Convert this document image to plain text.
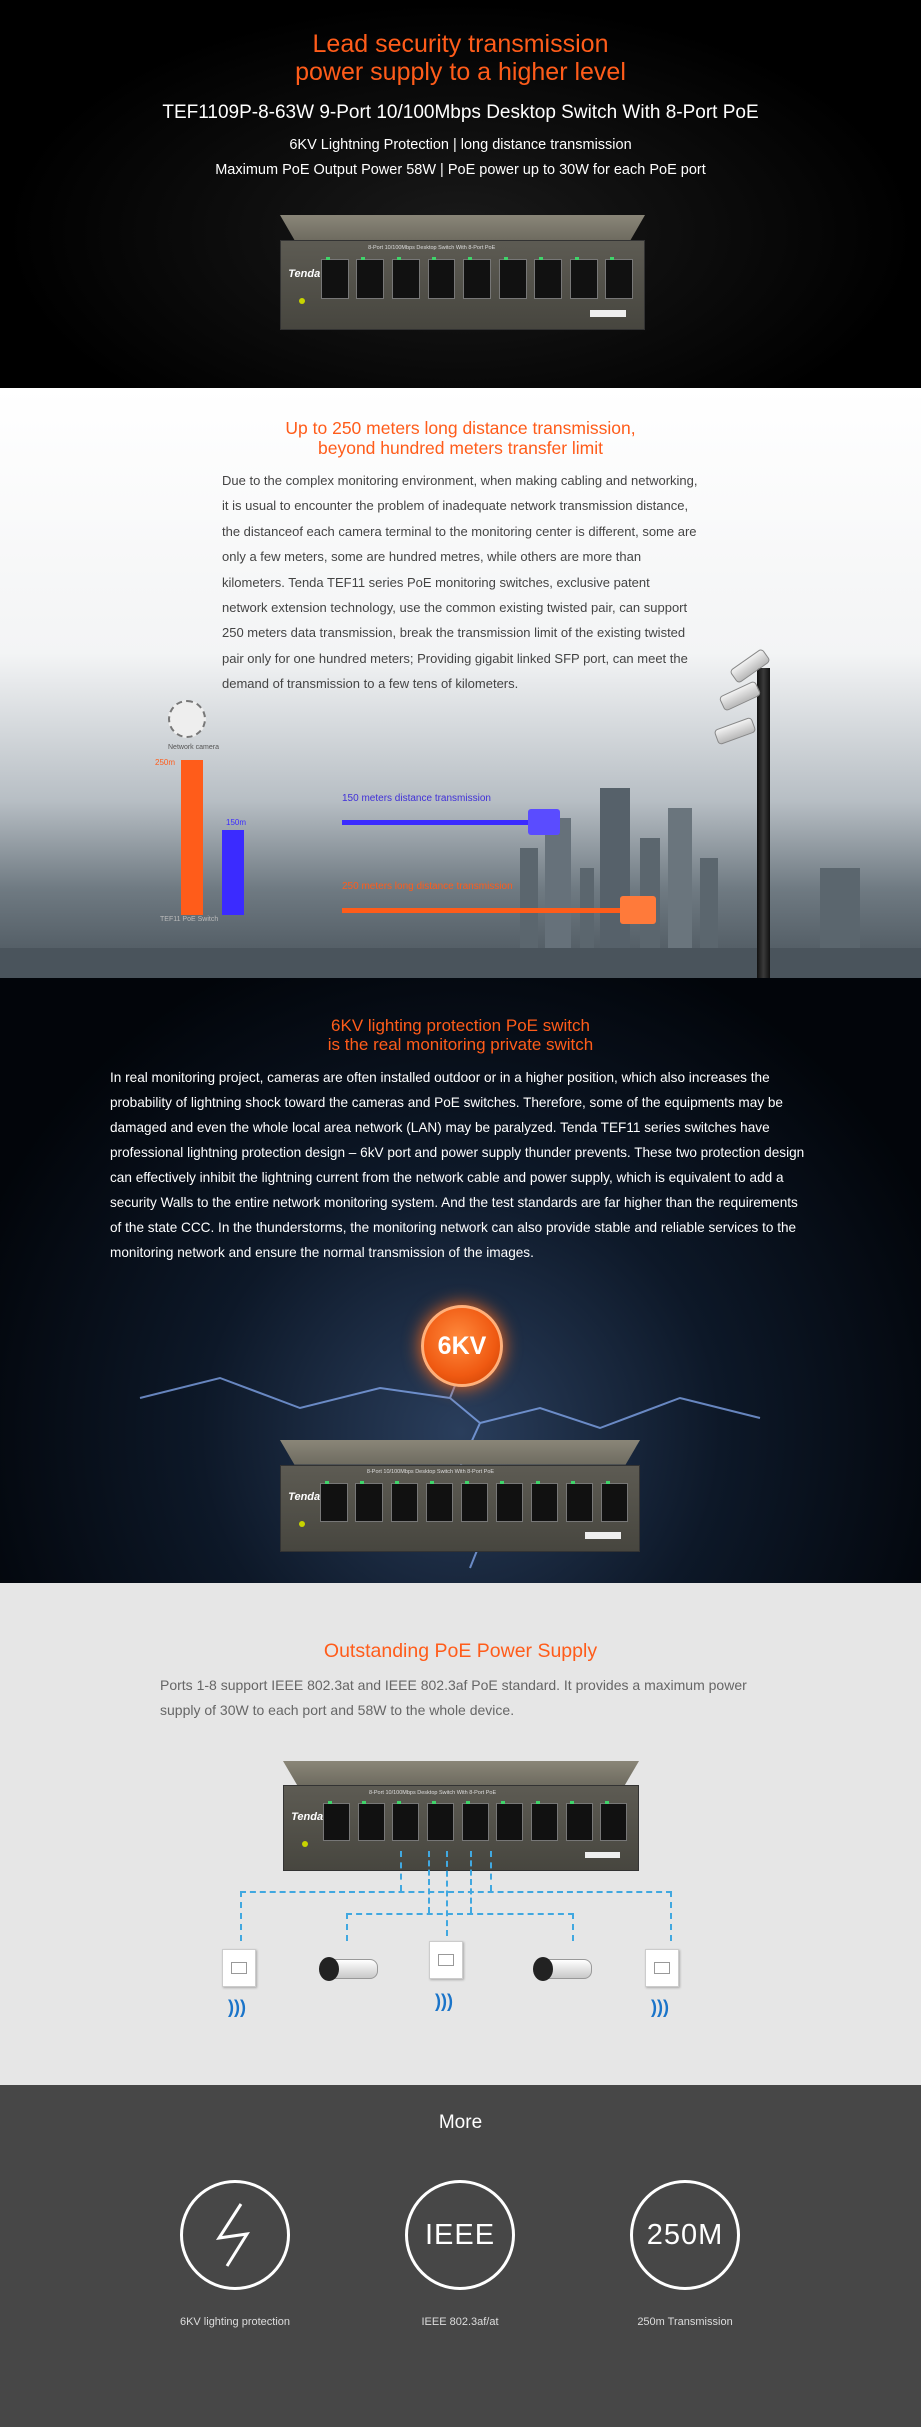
Lead security transmission
power supply to a higher level
TEF1109P-8-63W 9-Port 10/100Mbps Desktop Switch With 8-Port PoE
6KV Lightning Protection | long distance transmission
Maximum PoE Output Power 58W | PoE power up to 30W for each PoE port
Tenda
8-Port 10/100Mbps Desktop Switch With 8-Port PoE
Up to 250 meters long distance transmission,
beyond hundred meters transfer limit
Due to the complex monitoring environment, when making cabling and networking, it is usual to encounter the problem of inadequate network transmission distance, the distanceof each camera terminal to the monitoring center is different, some are only a few meters, some are hundred metres, while others are more than kilometers. Tenda TEF11 series PoE monitoring switches, exclusive patent network extension technology, use the common existing twisted pair, can support 250 meters data transmission, break the transmission limit of the existing twisted pair only for one hundred meters; Providing gigabit linked SFP port, can meet the demand of transmission to a few tens of kilometers.
Network camera
250m
150m
TEF11 PoE Switch
150 meters distance transmission
250 meters long distance transmission
6KV lighting protection PoE switch
is the real monitoring private switch
In real monitoring project, cameras are often installed outdoor or in a higher position, which also increases the probability of lightning shock toward the cameras and PoE switches. Therefore, some of the equipments may be damaged and even the whole local area network (LAN) may be paralyzed. Tenda TEF11 series switches have professional lightning protection design – 6kV port and power supply thunder prevents. These two protection design can effectively inhibit the lightning current from the network cable and power supply, which is equivalent to add a security Walls to the entire network monitoring system. And the test standards are far higher than the requirements of the state CCC. In the thunderstorms, the monitoring network can also provide stable and reliable services to the monitoring network and ensure the normal transmission of the images.
6KV
Tenda
8-Port 10/100Mbps Desktop Switch With 8-Port PoE
Outstanding PoE Power Supply
Ports 1-8 support IEEE 802.3at and IEEE 802.3af PoE standard. It provides a maximum power supply of 30W to each port and 58W to the whole device.
Tenda
8-Port 10/100Mbps Desktop Switch With 8-Port PoE
)))	)))	)))
More
6KV lighting protection
IEEE
IEEE 802.3af/at
250M
250m Transmission
